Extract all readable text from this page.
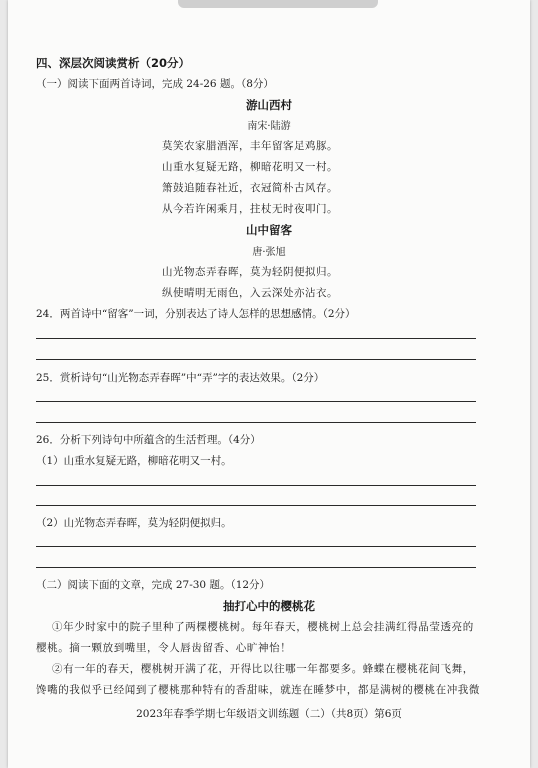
四、深层次阅读赏析（20分）
（一）阅读下面两首诗词，完成 24-26 题。（8分）
游山西村
南宋·陆游
莫笑农家腊酒浑，丰年留客足鸡豚。
山重水复疑无路，柳暗花明又一村。
箫鼓追随春社近，衣冠简朴古风存。
从今若许闲乘月，拄杖无时夜叩门。
山中留客
唐·张旭
山光物态弄春晖，莫为轻阴便拟归。
纵使晴明无雨色，入云深处亦沾衣。
24．两首诗中“留客”一词，分别表达了诗人怎样的思想感情。（2分）
25．赏析诗句“山光物态弄春晖”中“弄”字的表达效果。（2分）
26．分析下列诗句中所蕴含的生活哲理。（4分）
（1）山重水复疑无路，柳暗花明又一村。
（2）山光物态弄春晖，莫为轻阴便拟归。
（二）阅读下面的文章，完成 27-30 题。（12分）
抽打心中的樱桃花
①年少时家中的院子里种了两棵樱桃树。每年春天，樱桃树上总会挂满红得晶莹透亮的
樱桃。摘一颗放到嘴里，令人唇齿留香、心旷神怡！
②有一年的春天，樱桃树开满了花，开得比以往哪一年都要多。蜂蝶在樱桃花间飞舞，
馋嘴的我似乎已经闻到了樱桃那种特有的香甜味，就连在睡梦中，都是满树的樱桃在冲我微
2023年春季学期七年级语文训练题（二）（共8页）第6页
